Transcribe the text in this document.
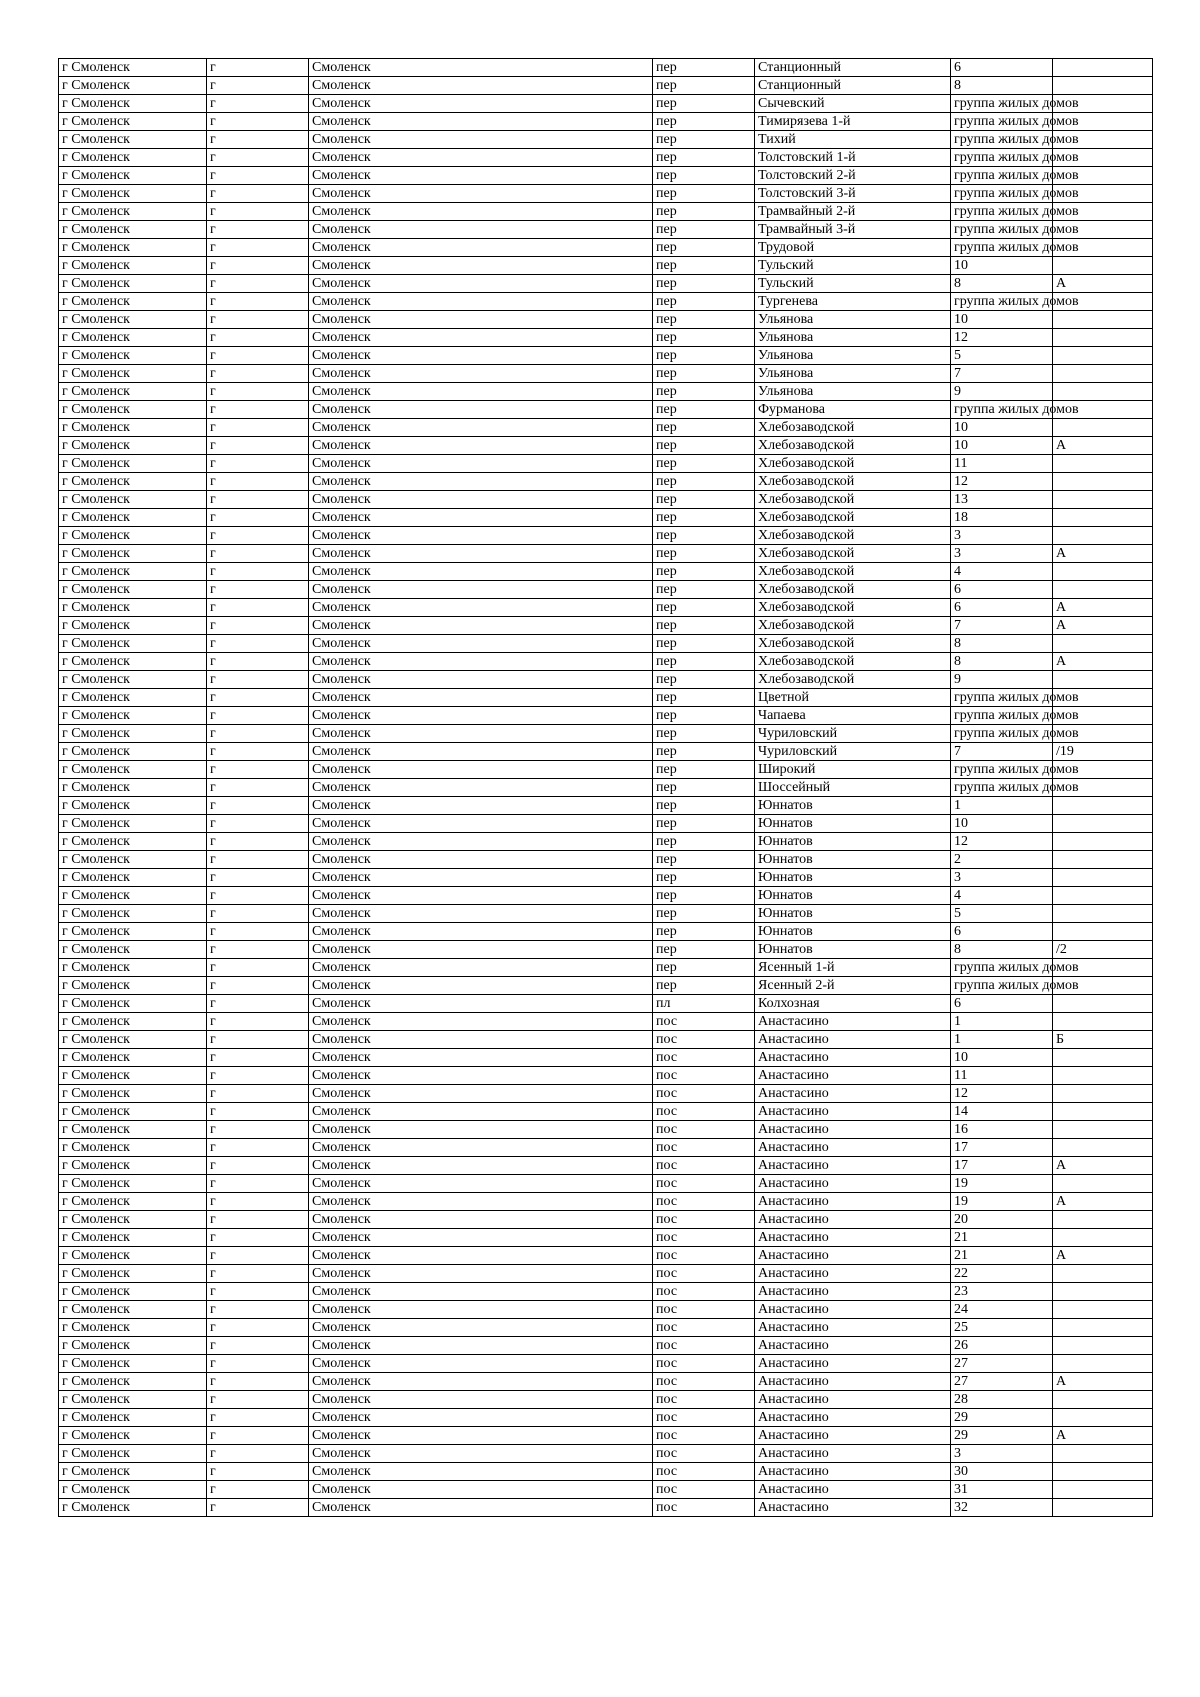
г Смоленск	г	Смоленск	пер	Станционный	6	
г Смоленск	г	Смоленск	пер	Станционный	8	
г Смоленск	г	Смоленск	пер	Сычевский	группа жилых домов	
г Смоленск	г	Смоленск	пер	Тимирязева 1-й	группа жилых домов	
г Смоленск	г	Смоленск	пер	Тихий	группа жилых домов	
г Смоленск	г	Смоленск	пер	Толстовский 1-й	группа жилых домов	
г Смоленск	г	Смоленск	пер	Толстовский 2-й	группа жилых домов	
г Смоленск	г	Смоленск	пер	Толстовский 3-й	группа жилых домов	
г Смоленск	г	Смоленск	пер	Трамвайный 2-й	группа жилых домов	
г Смоленск	г	Смоленск	пер	Трамвайный 3-й	группа жилых домов	
г Смоленск	г	Смоленск	пер	Трудовой	группа жилых домов	
г Смоленск	г	Смоленск	пер	Тульский	10	
г Смоленск	г	Смоленск	пер	Тульский	8	А
г Смоленск	г	Смоленск	пер	Тургенева	группа жилых домов	
г Смоленск	г	Смоленск	пер	Ульянова	10	
г Смоленск	г	Смоленск	пер	Ульянова	12	
г Смоленск	г	Смоленск	пер	Ульянова	5	
г Смоленск	г	Смоленск	пер	Ульянова	7	
г Смоленск	г	Смоленск	пер	Ульянова	9	
г Смоленск	г	Смоленск	пер	Фурманова	группа жилых домов	
г Смоленск	г	Смоленск	пер	Хлебозаводской	10	
г Смоленск	г	Смоленск	пер	Хлебозаводской	10	А
г Смоленск	г	Смоленск	пер	Хлебозаводской	11	
г Смоленск	г	Смоленск	пер	Хлебозаводской	12	
г Смоленск	г	Смоленск	пер	Хлебозаводской	13	
г Смоленск	г	Смоленск	пер	Хлебозаводской	18	
г Смоленск	г	Смоленск	пер	Хлебозаводской	3	
г Смоленск	г	Смоленск	пер	Хлебозаводской	3	А
г Смоленск	г	Смоленск	пер	Хлебозаводской	4	
г Смоленск	г	Смоленск	пер	Хлебозаводской	6	
г Смоленск	г	Смоленск	пер	Хлебозаводской	6	А
г Смоленск	г	Смоленск	пер	Хлебозаводской	7	А
г Смоленск	г	Смоленск	пер	Хлебозаводской	8	
г Смоленск	г	Смоленск	пер	Хлебозаводской	8	А
г Смоленск	г	Смоленск	пер	Хлебозаводской	9	
г Смоленск	г	Смоленск	пер	Цветной	группа жилых домов	
г Смоленск	г	Смоленск	пер	Чапаева	группа жилых домов	
г Смоленск	г	Смоленск	пер	Чуриловский	группа жилых домов	
г Смоленск	г	Смоленск	пер	Чуриловский	7	/19
г Смоленск	г	Смоленск	пер	Широкий	группа жилых домов	
г Смоленск	г	Смоленск	пер	Шоссейный	группа жилых домов	
г Смоленск	г	Смоленск	пер	Юннатов	1	
г Смоленск	г	Смоленск	пер	Юннатов	10	
г Смоленск	г	Смоленск	пер	Юннатов	12	
г Смоленск	г	Смоленск	пер	Юннатов	2	
г Смоленск	г	Смоленск	пер	Юннатов	3	
г Смоленск	г	Смоленск	пер	Юннатов	4	
г Смоленск	г	Смоленск	пер	Юннатов	5	
г Смоленск	г	Смоленск	пер	Юннатов	6	
г Смоленск	г	Смоленск	пер	Юннатов	8	/2
г Смоленск	г	Смоленск	пер	Ясенный 1-й	группа жилых домов	
г Смоленск	г	Смоленск	пер	Ясенный 2-й	группа жилых домов	
г Смоленск	г	Смоленск	пл	Колхозная	6	
г Смоленск	г	Смоленск	пос	Анастасино	1	
г Смоленск	г	Смоленск	пос	Анастасино	1	Б
г Смоленск	г	Смоленск	пос	Анастасино	10	
г Смоленск	г	Смоленск	пос	Анастасино	11	
г Смоленск	г	Смоленск	пос	Анастасино	12	
г Смоленск	г	Смоленск	пос	Анастасино	14	
г Смоленск	г	Смоленск	пос	Анастасино	16	
г Смоленск	г	Смоленск	пос	Анастасино	17	
г Смоленск	г	Смоленск	пос	Анастасино	17	А
г Смоленск	г	Смоленск	пос	Анастасино	19	
г Смоленск	г	Смоленск	пос	Анастасино	19	А
г Смоленск	г	Смоленск	пос	Анастасино	20	
г Смоленск	г	Смоленск	пос	Анастасино	21	
г Смоленск	г	Смоленск	пос	Анастасино	21	А
г Смоленск	г	Смоленск	пос	Анастасино	22	
г Смоленск	г	Смоленск	пос	Анастасино	23	
г Смоленск	г	Смоленск	пос	Анастасино	24	
г Смоленск	г	Смоленск	пос	Анастасино	25	
г Смоленск	г	Смоленск	пос	Анастасино	26	
г Смоленск	г	Смоленск	пос	Анастасино	27	
г Смоленск	г	Смоленск	пос	Анастасино	27	А
г Смоленск	г	Смоленск	пос	Анастасино	28	
г Смоленск	г	Смоленск	пос	Анастасино	29	
г Смоленск	г	Смоленск	пос	Анастасино	29	А
г Смоленск	г	Смоленск	пос	Анастасино	3	
г Смоленск	г	Смоленск	пос	Анастасино	30	
г Смоленск	г	Смоленск	пос	Анастасино	31	
г Смоленск	г	Смоленск	пос	Анастасино	32	
